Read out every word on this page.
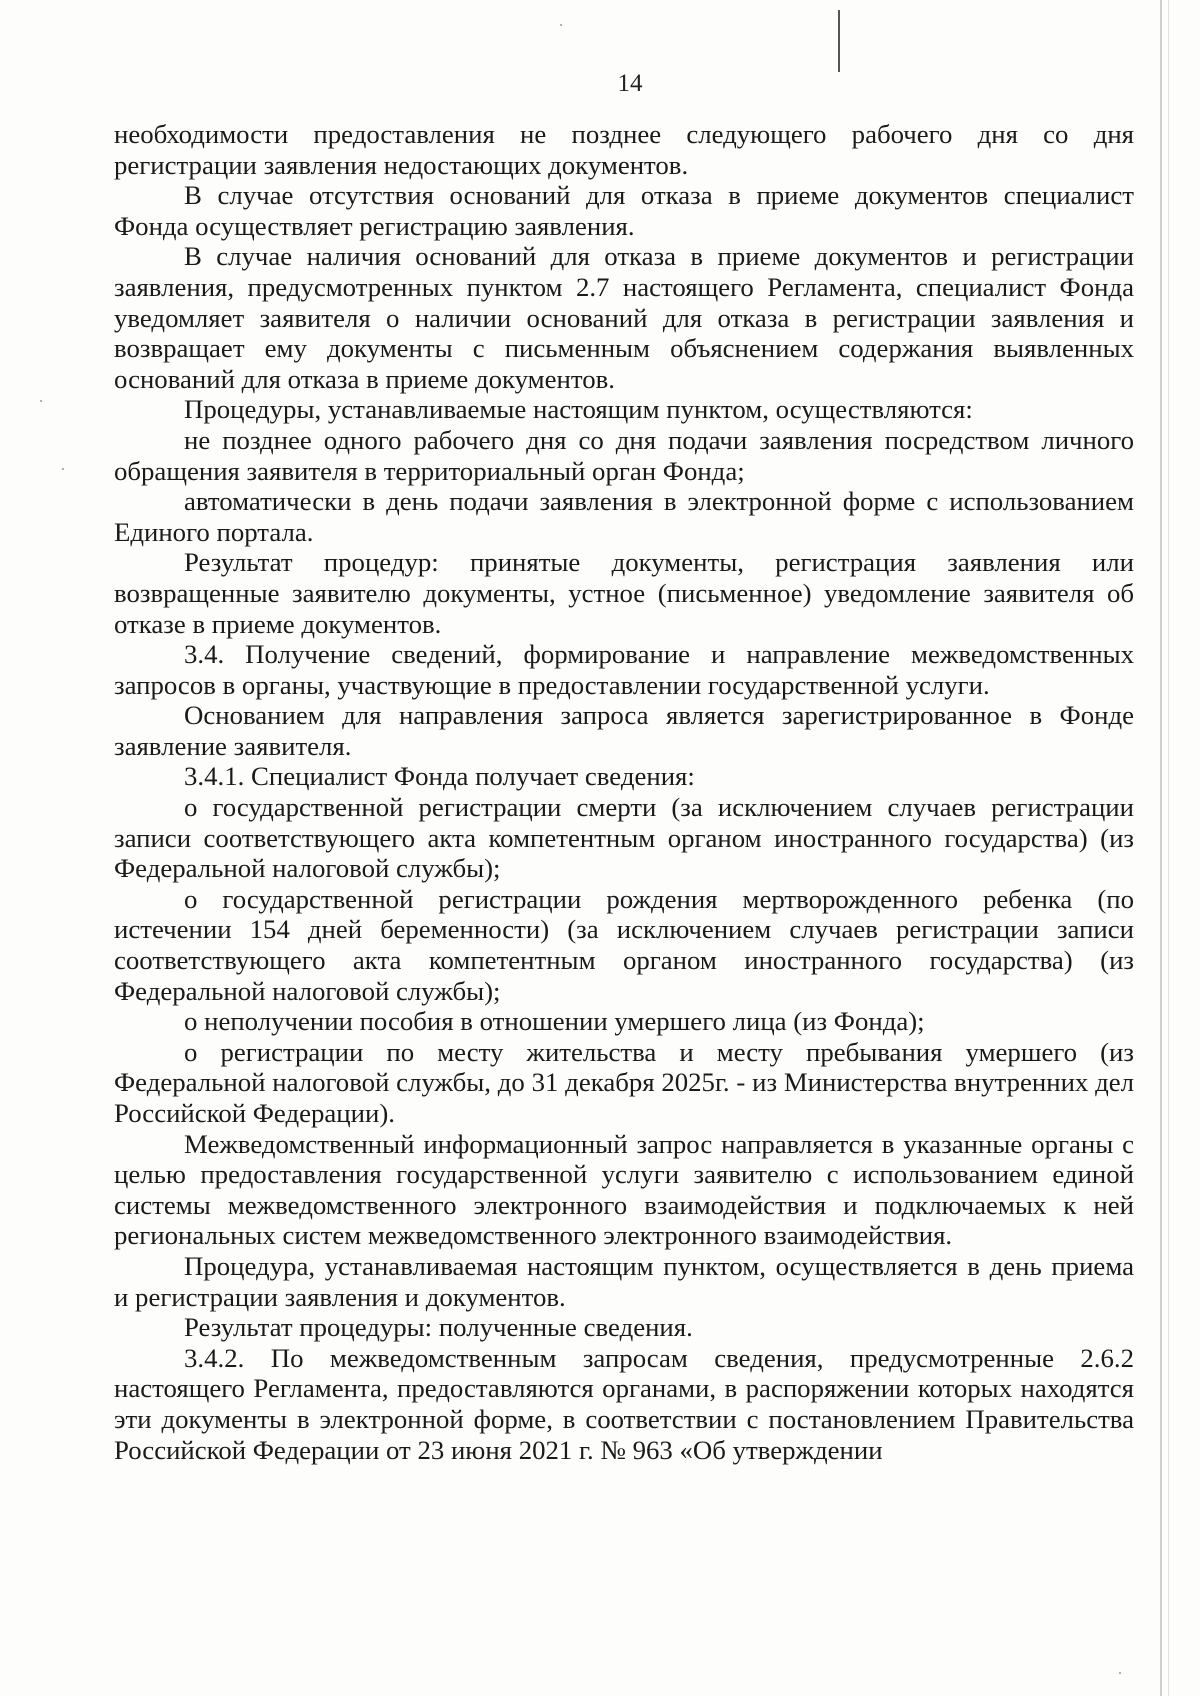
14

необходимости предоставления не позднее следующего рабочего дня со дня регистрации заявления недостающих документов.

В случае отсутствия оснований для отказа в приеме документов специалист Фонда осуществляет регистрацию заявления.

В случае наличия оснований для отказа в приеме документов и регистрации заявления, предусмотренных пунктом 2.7 настоящего Регламента, специалист Фонда уведомляет заявителя о наличии оснований для отказа в регистрации заявления и возвращает ему документы с письменным объяснением содержания выявленных оснований для отказа в приеме документов.

Процедуры, устанавливаемые настоящим пунктом, осуществляются:

не позднее одного рабочего дня со дня подачи заявления посредством личного обращения заявителя в территориальный орган Фонда;

автоматически в день подачи заявления в электронной форме с использованием Единого портала.

Результат процедур: принятые документы, регистрация заявления или возвращенные заявителю документы, устное (письменное) уведомление заявителя об отказе в приеме документов.

3.4. Получение сведений, формирование и направление межведомственных запросов в органы, участвующие в предоставлении государственной услуги.

Основанием для направления запроса является зарегистрированное в Фонде заявление заявителя.

3.4.1. Специалист Фонда получает сведения:

о государственной регистрации смерти (за исключением случаев регистрации записи соответствующего акта компетентным органом иностранного государства) (из Федеральной налоговой службы);

о государственной регистрации рождения мертворожденного ребенка (по истечении 154 дней беременности) (за исключением случаев регистрации записи соответствующего акта компетентным органом иностранного государства) (из Федеральной налоговой службы);

о неполучении пособия в отношении умершего лица (из Фонда);

о регистрации по месту жительства и месту пребывания умершего (из Федеральной налоговой службы, до 31 декабря 2025г. - из Министерства внутренних дел Российской Федерации).

Межведомственный информационный запрос направляется в указанные органы с целью предоставления государственной услуги заявителю с использованием единой системы межведомственного электронного взаимодействия и подключаемых к ней региональных систем межведомственного электронного взаимодействия.

Процедура, устанавливаемая настоящим пунктом, осуществляется в день приема и регистрации заявления и документов.

Результат процедуры: полученные сведения.

3.4.2. По межведомственным запросам сведения, предусмотренные 2.6.2 настоящего Регламента, предоставляются органами, в распоряжении которых находятся эти документы в электронной форме, в соответствии с постановлением Правительства Российской Федерации от 23 июня 2021 г. № 963 «Об утверждении
